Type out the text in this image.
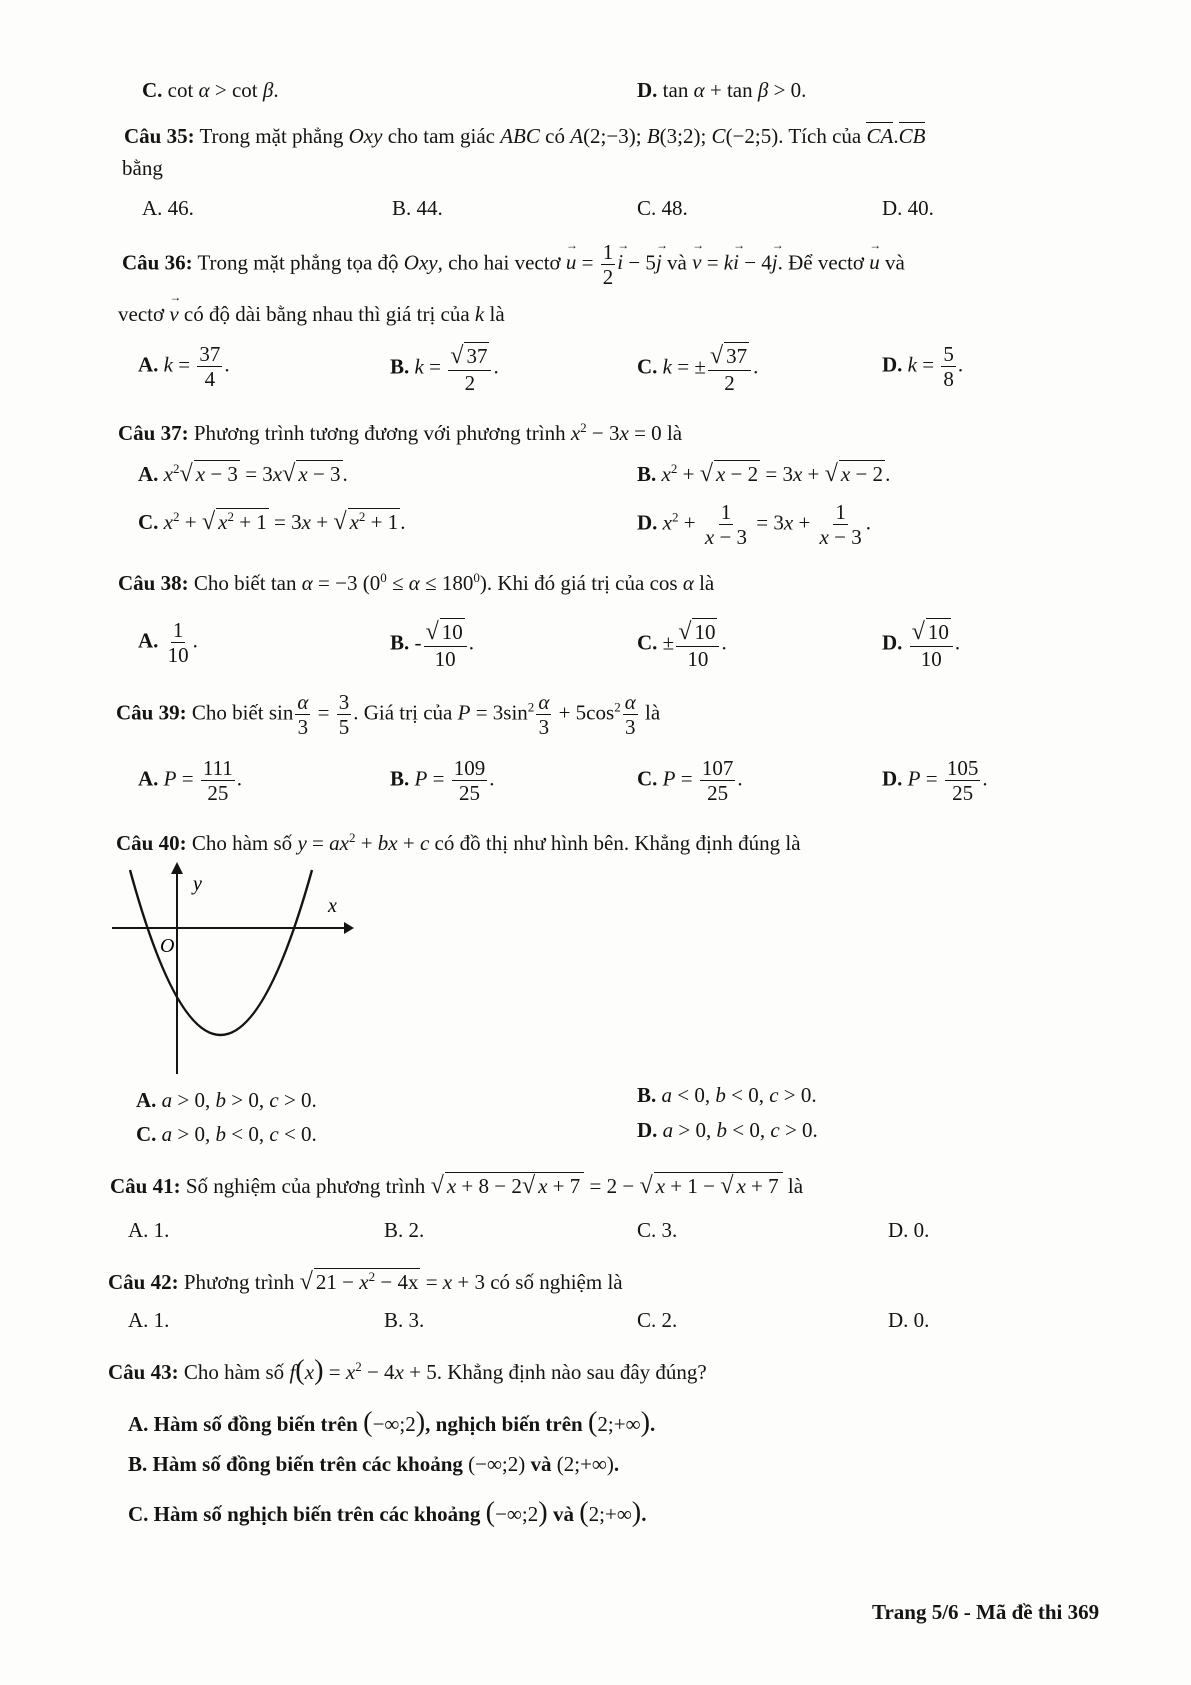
C. cot α > cot β.	D. tan α + tan β > 0.
Câu 35: Trong mặt phẳng Oxy cho tam giác ABC có A(2;−3); B(3;2); C(−2;5). Tích của CA.CB
bằng
A. 46.	B. 44.	C. 48.	D. 40.
Câu 36: Trong mặt phẳng tọa độ Oxy, cho hai vectơ → $u = \frac{1}{2}$
→ i − 5→ j và → v = k→ i − 4→ j. Để vectơ → u và
vectơ → v có độ dài bằng nhau thì giá trị của k là
A. $k = \frac{37}{4}$ .	B. $k = \frac{√ 37}{2}$ .	C. k = ± $\frac{√ 37}{2}$ .	D. $k = \frac{5}{8}$ .
Câu 37: Phương trình tương đương với phương trình $x^2 - 3x = 0$ là
A. $x^2√$ x − 3 = 3x√ x − 3.	B. $x^2$ + √ x − 2 = 3x + √ x − 2.
C. $x^2$ + √ $x^2 + 1 = 3x$ + √ $x^2 + 1$.	D. $x^2 + \frac{1}{x - 3} = 3x + \frac{1}{x - 3}$ .
Câu 38: Cho biết tan α = −3 $(0^0 \le \alpha \le 180^0)$. Khi đó giá trị của cos α là
A. $\frac{1}{10}$ .	B. - $\frac{√ 10}{10}$ .	C. ± $\frac{√ 10}{10}$ .	D. $\frac{√ 10}{10}$ .
Câu 39: Cho biết $\sin \frac{\alpha}{3} = \frac{3}{5}$ . Giá trị của $P = 3\sin^2 \frac{\alpha}{3} + 5\cos^2 \frac{\alpha}{3}$ là
A. $P = \frac{111}{25}$ .	B. $P = \frac{109}{25}$ .	C. $P = \frac{107}{25}$ .	D. $P = \frac{105}{25}$ .
Câu 40: Cho hàm số $y = ax^2$ + bx + c có đồ thị như hình bên. Khẳng định đúng là
y
x
O
A. a > 0, b > 0, c > 0.	B. a < 0, b < 0, c > 0.
C. a > 0, b < 0, c < 0.	D. a > 0, b < 0, c > 0.
Câu 41: Số nghiệm của phương trình √ x + 8 − 2√ x + 7 = 2 − √ x + 1 − √ x + 7 là
A. 1.	B. 2.	C. 3.	D. 0.
Câu 42: Phương trình √ $21 - x^2 - 4x = x + 3$ có số nghiệm là
A. 1.	B. 3.	C. 2.	D. 0.
Câu 43: Cho hàm số $f(x) = x^2 - 4x + 5$. Khẳng định nào sau đây đúng?
A. Hàm số đồng biến trên (−∞;2), nghịch biến trên (2;+∞).
B. Hàm số đồng biến trên các khoảng (−∞;2) và (2;+∞).
C. Hàm số nghịch biến trên các khoảng (−∞;2) và (2;+∞).
Trang 5/6 - Mã đề thi 369
